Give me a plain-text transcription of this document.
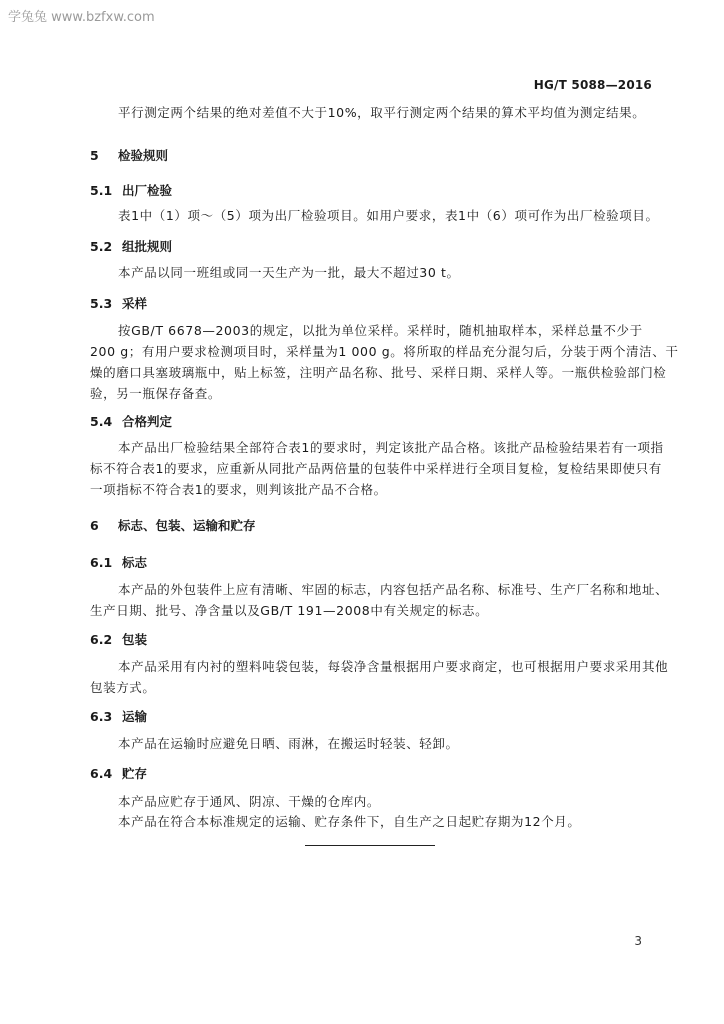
学兔兔 www.bzfxw.com
HG/T 5088—2016
平行测定两个结果的绝对差值不大于10%，取平行测定两个结果的算术平均值为测定结果。
5 检验规则
5.1 出厂检验
表1中（1）项～（5）项为出厂检验项目。如用户要求，表1中（6）项可作为出厂检验项目。
5.2 组批规则
本产品以同一班组或同一天生产为一批，最大不超过30 t。
5.3 采样
按GB/T 6678—2003的规定，以批为单位采样。采样时，随机抽取样本，采样总量不少于
200 g；有用户要求检测项目时，采样量为1 000 g。将所取的样品充分混匀后，分装于两个清洁、干
燥的磨口具塞玻璃瓶中，贴上标签，注明产品名称、批号、采样日期、采样人等。一瓶供检验部门检
验，另一瓶保存备查。
5.4 合格判定
本产品出厂检验结果全部符合表1的要求时，判定该批产品合格。该批产品检验结果若有一项指
标不符合表1的要求，应重新从同批产品两倍量的包装件中采样进行全项目复检，复检结果即使只有
一项指标不符合表1的要求，则判该批产品不合格。
6 标志、包装、运输和贮存
6.1 标志
本产品的外包装件上应有清晰、牢固的标志，内容包括产品名称、标准号、生产厂名称和地址、
生产日期、批号、净含量以及GB/T 191—2008中有关规定的标志。
6.2 包装
本产品采用有内衬的塑料吨袋包装，每袋净含量根据用户要求商定，也可根据用户要求采用其他
包装方式。
6.3 运输
本产品在运输时应避免日晒、雨淋，在搬运时轻装、轻卸。
6.4 贮存
本产品应贮存于通风、阴凉、干燥的仓库内。
本产品在符合本标准规定的运输、贮存条件下，自生产之日起贮存期为12个月。
3
